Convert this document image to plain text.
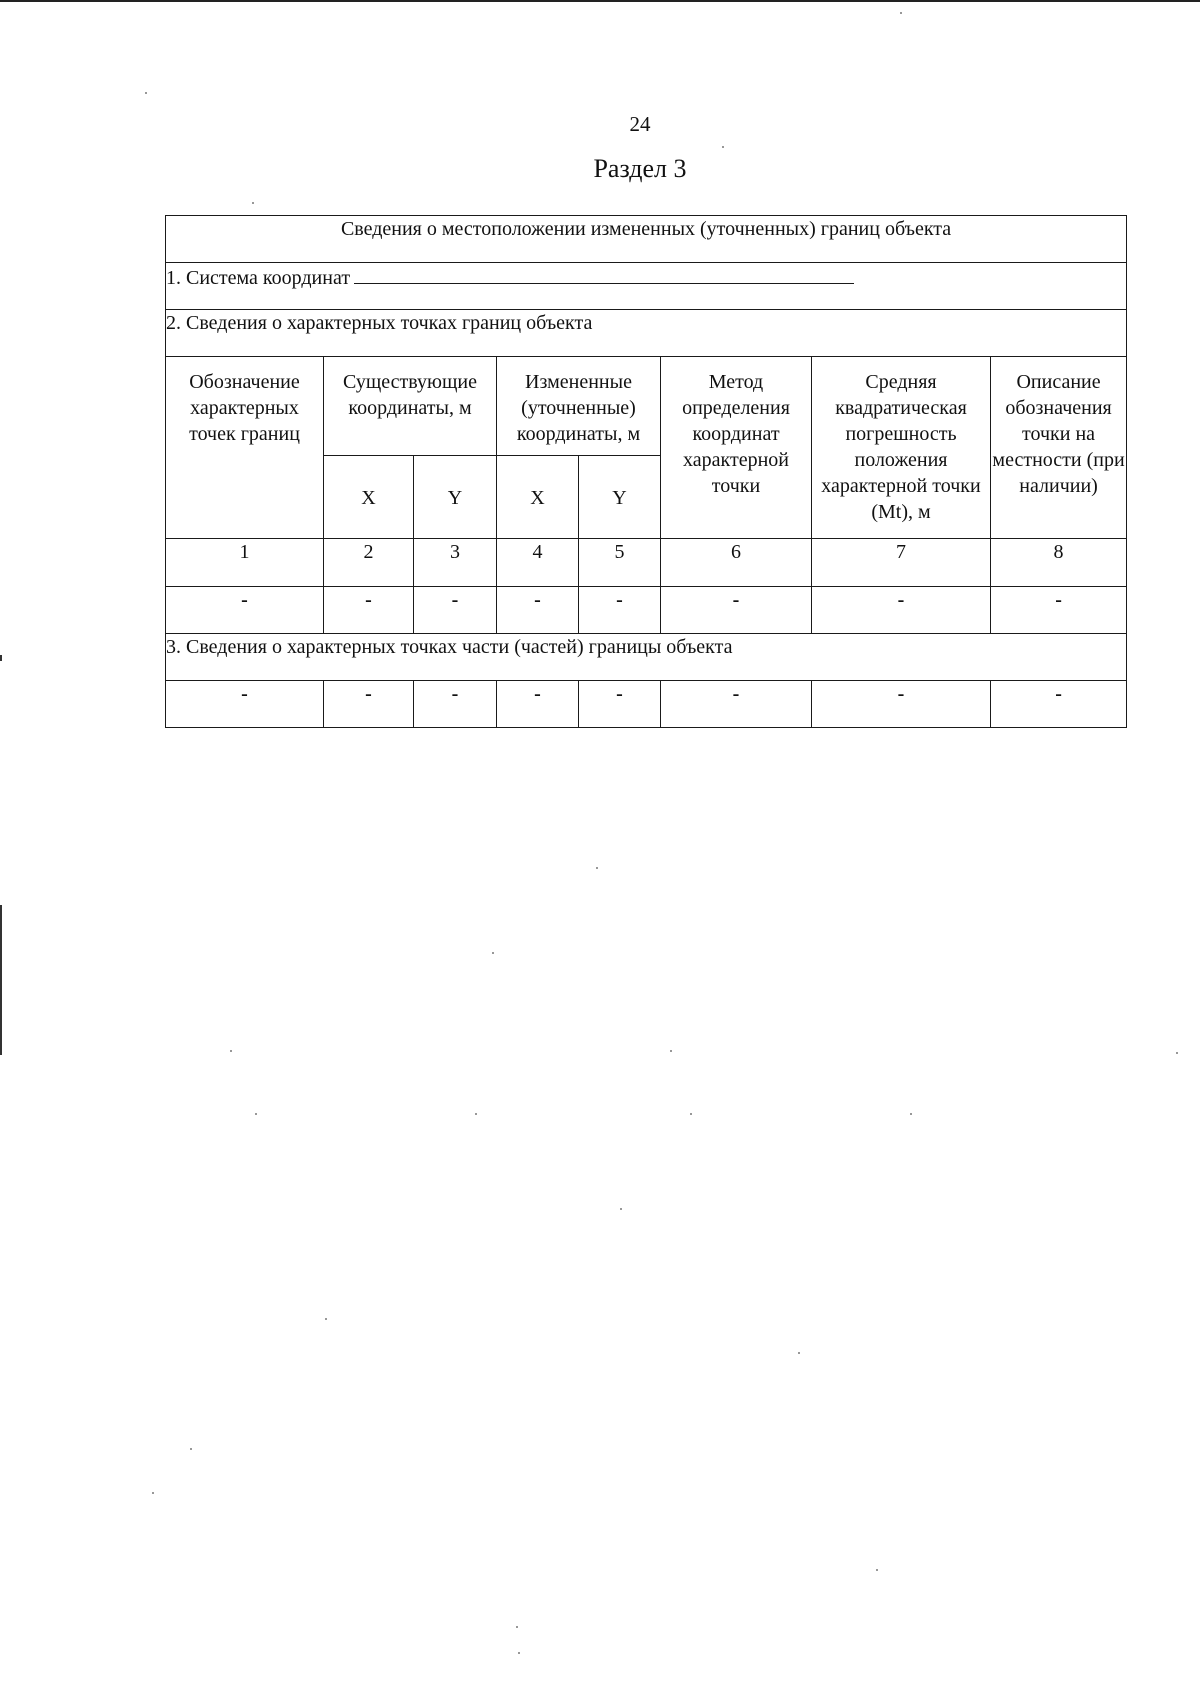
24
Раздел 3
Сведения о местоположении измененных (уточненных) границ объекта							
1. Система координат							
2. Сведения о характерных точках границ объекта							
Обозначение характерных точек границ	Существующие координаты, м		Измененные (уточненные) координаты, м		Метод определения координат характерной точки	Средняя квадратическая погрешность положения характерной точки (Mt), м	Описание обозначения точки на местности (при наличии)
	X	Y	X	Y			
1	2	3	4	5	6	7	8
-	-	-	-	-	-	-	-
3. Сведения о характерных точках части (частей) границы объекта							
-	-	-	-	-	-	-	-
